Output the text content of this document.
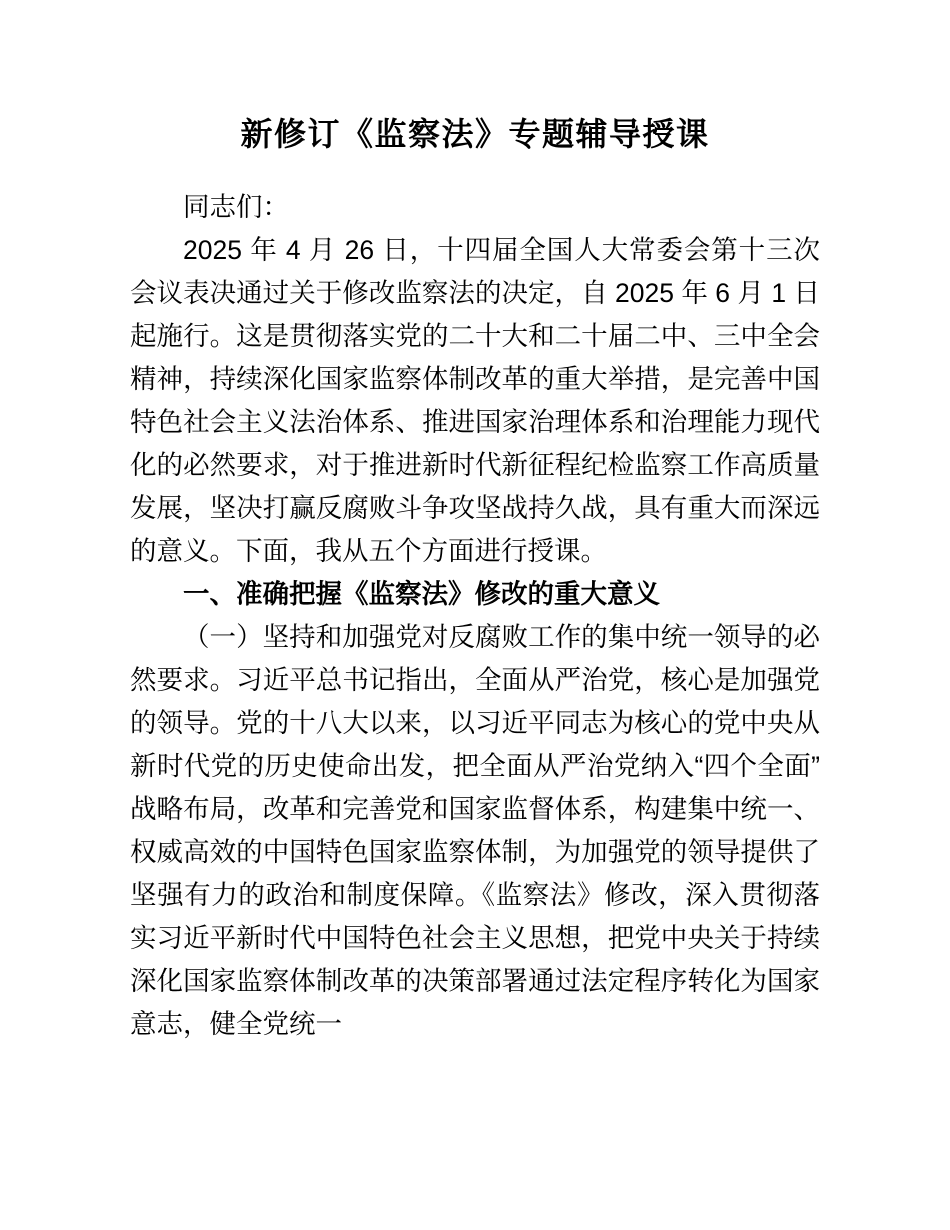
新修订《监察法》专题辅导授课

同志们：

2025 年 4 月 26 日，十四届全国人大常委会第十三次会议表决通过关于修改监察法的决定，自 2025 年 6 月 1 日起施行。这是贯彻落实党的二十大和二十届二中、三中全会精神，持续深化国家监察体制改革的重大举措，是完善中国特色社会主义法治体系、推进国家治理体系和治理能力现代化的必然要求，对于推进新时代新征程纪检监察工作高质量发展，坚决打赢反腐败斗争攻坚战持久战，具有重大而深远的意义。下面，我从五个方面进行授课。

一、准确把握《监察法》修改的重大意义

（一）坚持和加强党对反腐败工作的集中统一领导的必然要求。习近平总书记指出，全面从严治党，核心是加强党的领导。党的十八大以来，以习近平同志为核心的党中央从新时代党的历史使命出发，把全面从严治党纳入“四个全面”战略布局，改革和完善党和国家监督体系，构建集中统一、权威高效的中国特色国家监察体制，为加强党的领导提供了坚强有力的政治和制度保障。《监察法》修改，深入贯彻落实习近平新时代中国特色社会主义思想，把党中央关于持续深化国家监察体制改革的决策部署通过法定程序转化为国家意志，健全党统一
